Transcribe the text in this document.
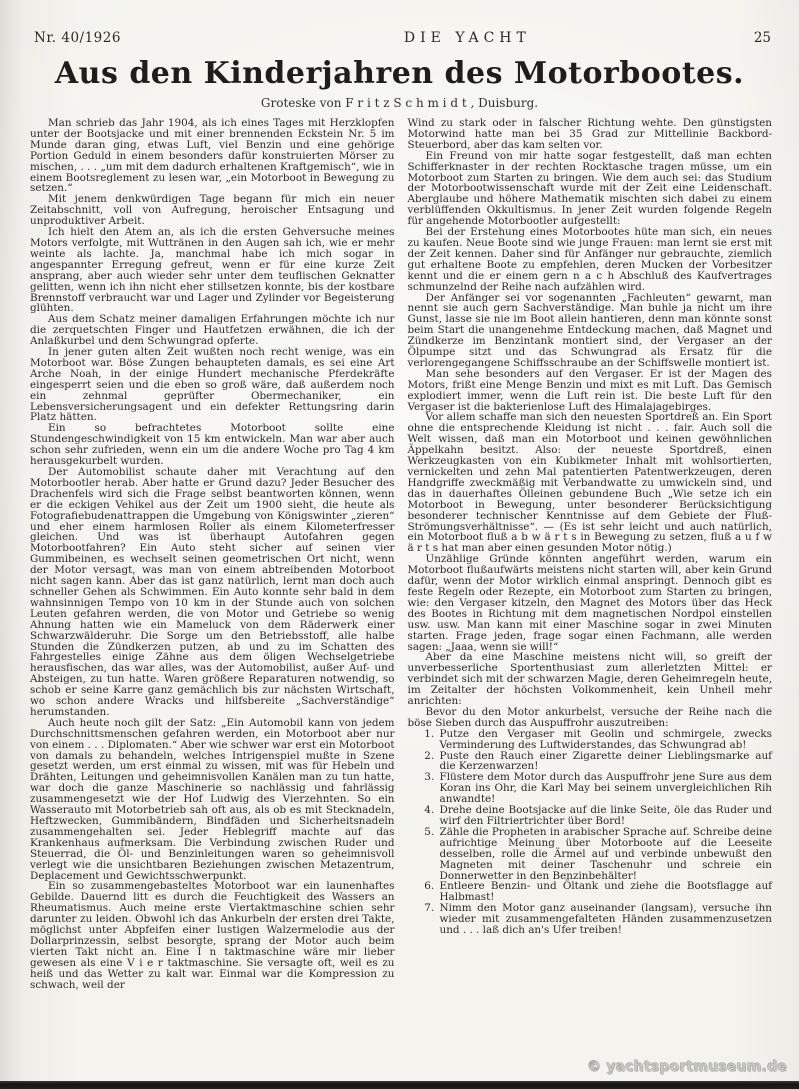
Nr. 40/1926	DIE YACHT	25
Aus den Kinderjahren des Motorbootes.
Groteske von F r i t z S c h m i d t , Duisburg.

Man schrieb das Jahr 1904, als ich eines Tages mit Herzklopfen unter der Bootsjacke und mit einer brennenden Eckstein Nr. 5 im Munde daran ging, etwas Luft, viel Benzin und eine gehörige Portion Geduld in einem besonders dafür konstruierten Mörser zu mischen, . . . „um mit dem dadurch erhaltenen Kraftgemisch“, wie in einem Bootsreglement zu lesen war, „ein Motorboot in Bewegung zu setzen.“

Mit jenem denkwürdigen Tage begann für mich ein neuer Zeitabschnitt, voll von Aufregung, heroischer Entsagung und unproduktiver Arbeit.

Ich hielt den Atem an, als ich die ersten Gehversuche meines Motors verfolgte, mit Wuttränen in den Augen sah ich, wie er mehr weinte als lachte. Ja, manchmal habe ich mich sogar in angespannter Erregung gefreut, wenn er für eine kurze Zeit ansprang, aber auch wieder sehr unter dem teuflischen Geknatter gelitten, wenn ich ihn nicht eher stillsetzen konnte, bis der kostbare Brennstoff verbraucht war und Lager und Zylinder vor Begeisterung glühten.

Aus dem Schatz meiner damaligen Erfahrungen möchte ich nur die zerquetschten Finger und Hautfetzen erwähnen, die ich der Anlaßkurbel und dem Schwungrad opferte.

In jener guten alten Zeit wußten noch recht wenige, was ein Motorboot war. Böse Zungen behaupteten damals, es sei eine Art Arche Noah, in der einige Hundert mechanische Pferdekräfte eingesperrt seien und die eben so groß wäre, daß außerdem noch ein zehnmal geprüfter Obermechaniker, ein Lebensversicherungsagent und ein defekter Rettungsring darin Platz hätten.

Ein so befrachtetes Motorboot sollte eine Stundengeschwindigkeit von 15 km entwickeln. Man war aber auch schon sehr zufrieden, wenn ein um die andere Woche pro Tag 4 km herausgekurbelt wurden.

Der Automobilist schaute daher mit Verachtung auf den Motorbootler herab. Aber hatte er Grund dazu? Jeder Besucher des Drachenfels wird sich die Frage selbst beantworten können, wenn er die eckigen Vehikel aus der Zeit um 1900 sieht, die heute als Fotografiebudenattrappen die Umgebung von Königswinter „zieren“ und eher einem harmlosen Roller als einem Kilometerfresser gleichen. Und was ist überhaupt Autofahren gegen Motorbootfahren? Ein Auto steht sicher auf seinen vier Gummibeinen, es wechselt seinen geometrischen Ort nicht, wenn der Motor versagt, was man von einem abtreibenden Motorboot nicht sagen kann. Aber das ist ganz natürlich, lernt man doch auch schneller Gehen als Schwimmen. Ein Auto konnte sehr bald in dem wahnsinnigen Tempo von 10 km in der Stunde auch von solchen Leuten gefahren werden, die von Motor und Getriebe so wenig Ahnung hatten wie ein Mameluck von dem Räderwerk einer Schwarzwälderuhr. Die Sorge um den Betriebsstoff, alle halbe Stunden die Zündkerzen putzen, ab und zu im Schatten des Fahrgestelles einige Zähne aus dem öligen Wechselgetriebe herausfischen, das war alles, was der Automobilist, außer Auf- und Absteigen, zu tun hatte. Waren größere Reparaturen notwendig, so schob er seine Karre ganz gemächlich bis zur nächsten Wirtschaft, wo schon andere Wracks und hilfsbereite „Sachverständige“ herumstanden.

Auch heute noch gilt der Satz: „Ein Automobil kann von jedem Durchschnittsmenschen gefahren werden, ein Motorboot aber nur von einem . . . Diplomaten.“ Aber wie schwer war erst ein Motorboot von damals zu behandeln, welches Intrigenspiel mußte in Szene gesetzt werden, um erst einmal zu wissen, mit was für Hebeln und Drähten, Leitungen und geheimnisvollen Kanälen man zu tun hatte, war doch die ganze Maschinerie so nachlässig und fahrlässig zusammengesetzt wie der Hof Ludwig des Vierzehnten. So ein Wasserauto mit Motorbetrieb sah oft aus, als ob es mit Stecknadeln, Heftzwecken, Gummibändern, Bindfäden und Sicherheitsnadeln zusammengehalten sei. Jeder Heblegriff machte auf das Krankenhaus aufmerksam. Die Verbindung zwischen Ruder und Steuerrad, die Öl- und Benzinleitungen waren so geheimnisvoll verlegt wie die unsichtbaren Beziehungen zwischen Metazentrum, Deplacement und Gewichtsschwerpunkt.

Ein so zusammengebasteltes Motorboot war ein launenhaftes Gebilde. Dauernd litt es durch die Feuchtigkeit des Wassers an Rheumatismus. Auch meine erste Viertaktmaschine schien sehr darunter zu leiden. Obwohl ich das Ankurbeln der ersten drei Takte, möglichst unter Abpfeifen einer lustigen Walzermelodie aus der Dollarprinzessin, selbst besorgte, sprang der Motor auch beim vierten Takt nicht an. Eine I n taktmaschine wäre mir lieber gewesen als eine V i e r taktmaschine. Sie versagte oft, weil es zu heiß und das Wetter zu kalt war. Einmal war die Kompression zu schwach, weil der

Wind zu stark oder in falscher Richtung wehte. Den günstigsten Motorwind hatte man bei 35 Grad zur Mittellinie Backbord-Steuerbord, aber das kam selten vor.

Ein Freund von mir hatte sogar festgestellt, daß man echten Schifferknaster in der rechten Rocktasche tragen müsse, um ein Motorboot zum Starten zu bringen. Wie dem auch sei: das Studium der Motorbootwissenschaft wurde mit der Zeit eine Leidenschaft. Aberglaube und höhere Mathematik mischten sich dabei zu einem verblüffenden Okkultismus. In jener Zeit wurden folgende Regeln für angehende Motorbootler aufgestellt:

Bei der Erstehung eines Motorbootes hüte man sich, ein neues zu kaufen. Neue Boote sind wie junge Frauen: man lernt sie erst mit der Zeit kennen. Daher sind für Anfänger nur gebrauchte, ziemlich gut erhaltene Boote zu empfehlen, deren Mucken der Vorbesitzer kennt und die er einem gern n a c h Abschluß des Kaufvertrages schmunzelnd der Reihe nach aufzählen wird.

Der Anfänger sei vor sogenannten „Fachleuten“ gewarnt, man nennt sie auch gern Sachverständige. Man buhle ja nicht um ihre Gunst, lasse sie nie im Boot allein hantieren, denn man könnte sonst beim Start die unangenehme Entdeckung machen, daß Magnet und Zündkerze im Benzintank montiert sind, der Vergaser an der Ölpumpe sitzt und das Schwungrad als Ersatz für die verlorengegangene Schiffsschraube an der Schiffswelle montiert ist.

Man sehe besonders auf den Vergaser. Er ist der Magen des Motors, frißt eine Menge Benzin und mixt es mit Luft. Das Gemisch explodiert immer, wenn die Luft rein ist. Die beste Luft für den Vergaser ist die bakterienlose Luft des Himalajagebirges.

Vor allem schaffe man sich den neuesten Sportdreß an. Ein Sport ohne die entsprechende Kleidung ist nicht . . . fair. Auch soll die Welt wissen, daß man ein Motorboot und keinen gewöhnlichen Äppelkahn besitzt. Also: der neueste Sportdreß, einen Werkzeugkasten von ein Kubikmeter Inhalt mit wohlsortierten, vernickelten und zehn Mal patentierten Patentwerkzeugen, deren Handgriffe zweckmäßig mit Verbandwatte zu umwickeln sind, und das in dauerhaftes Ölleinen gebundene Buch „Wie setze ich ein Motorboot in Bewegung, unter besonderer Berücksichtigung besonderer technischer Kenntnisse auf dem Gebiete der Fluß-Strömungsverhältnisse“. — (Es ist sehr leicht und auch natürlich, ein Motorboot fluß a b w ä r t s in Bewegung zu setzen, fluß a u f w ä r t s hat man aber einen gesunden Motor nötig.)

Unzählige Gründe könnten angeführt werden, warum ein Motorboot flußaufwärts meistens nicht starten will, aber kein Grund dafür, wenn der Motor wirklich einmal anspringt. Dennoch gibt es feste Regeln oder Rezepte, ein Motorboot zum Starten zu bringen, wie: den Vergaser kitzeln, den Magnet des Motors über das Heck des Bootes in Richtung mit dem magnetischen Nordpol einstellen usw. usw. Man kann mit einer Maschine sogar in zwei Minuten starten. Frage jeden, frage sogar einen Fachmann, alle werden sagen: „Jaaa, wenn sie will!“

Aber da eine Maschine meistens nicht will, so greift der unverbesserliche Sportenthusiast zum allerletzten Mittel: er verbindet sich mit der schwarzen Magie, deren Geheimregeln heute, im Zeitalter der höchsten Volkommenheit, kein Unheil mehr anrichten:

Bevor du den Motor ankurbelst, versuche der Reihe nach die böse Sieben durch das Auspuffrohr auszutreiben:

1. Putze den Vergaser mit Geolin und schmirgele, zwecks Verminderung des Luftwiderstandes, das Schwungrad ab!
2. Puste den Rauch einer Zigarette deiner Lieblingsmarke auf die Kerzenwarzen!
3. Flüstere dem Motor durch das Auspuffrohr jene Sure aus dem Koran ins Ohr, die Karl May bei seinem unvergleichlichen Rih anwandte!
4. Drehe deine Bootsjacke auf die linke Seite, öle das Ruder und wirf den Filtriertrichter über Bord!
5. Zähle die Propheten in arabischer Sprache auf. Schreibe deine aufrichtige Meinung über Motorboote auf die Leeseite desselben, rolle die Ärmel auf und verbinde unbewußt den Magneten mit deiner Taschenuhr und schreie ein Donnerwetter in den Benzinbehälter!
6. Entleere Benzin- und Öltank und ziehe die Bootsflagge auf Halbmast!
7. Nimm den Motor ganz auseinander (langsam), versuche ihn wieder mit zusammengefalteten Händen zusammenzusetzen und . . . laß dich an's Ufer treiben!
© yachtsportmuseum.de
